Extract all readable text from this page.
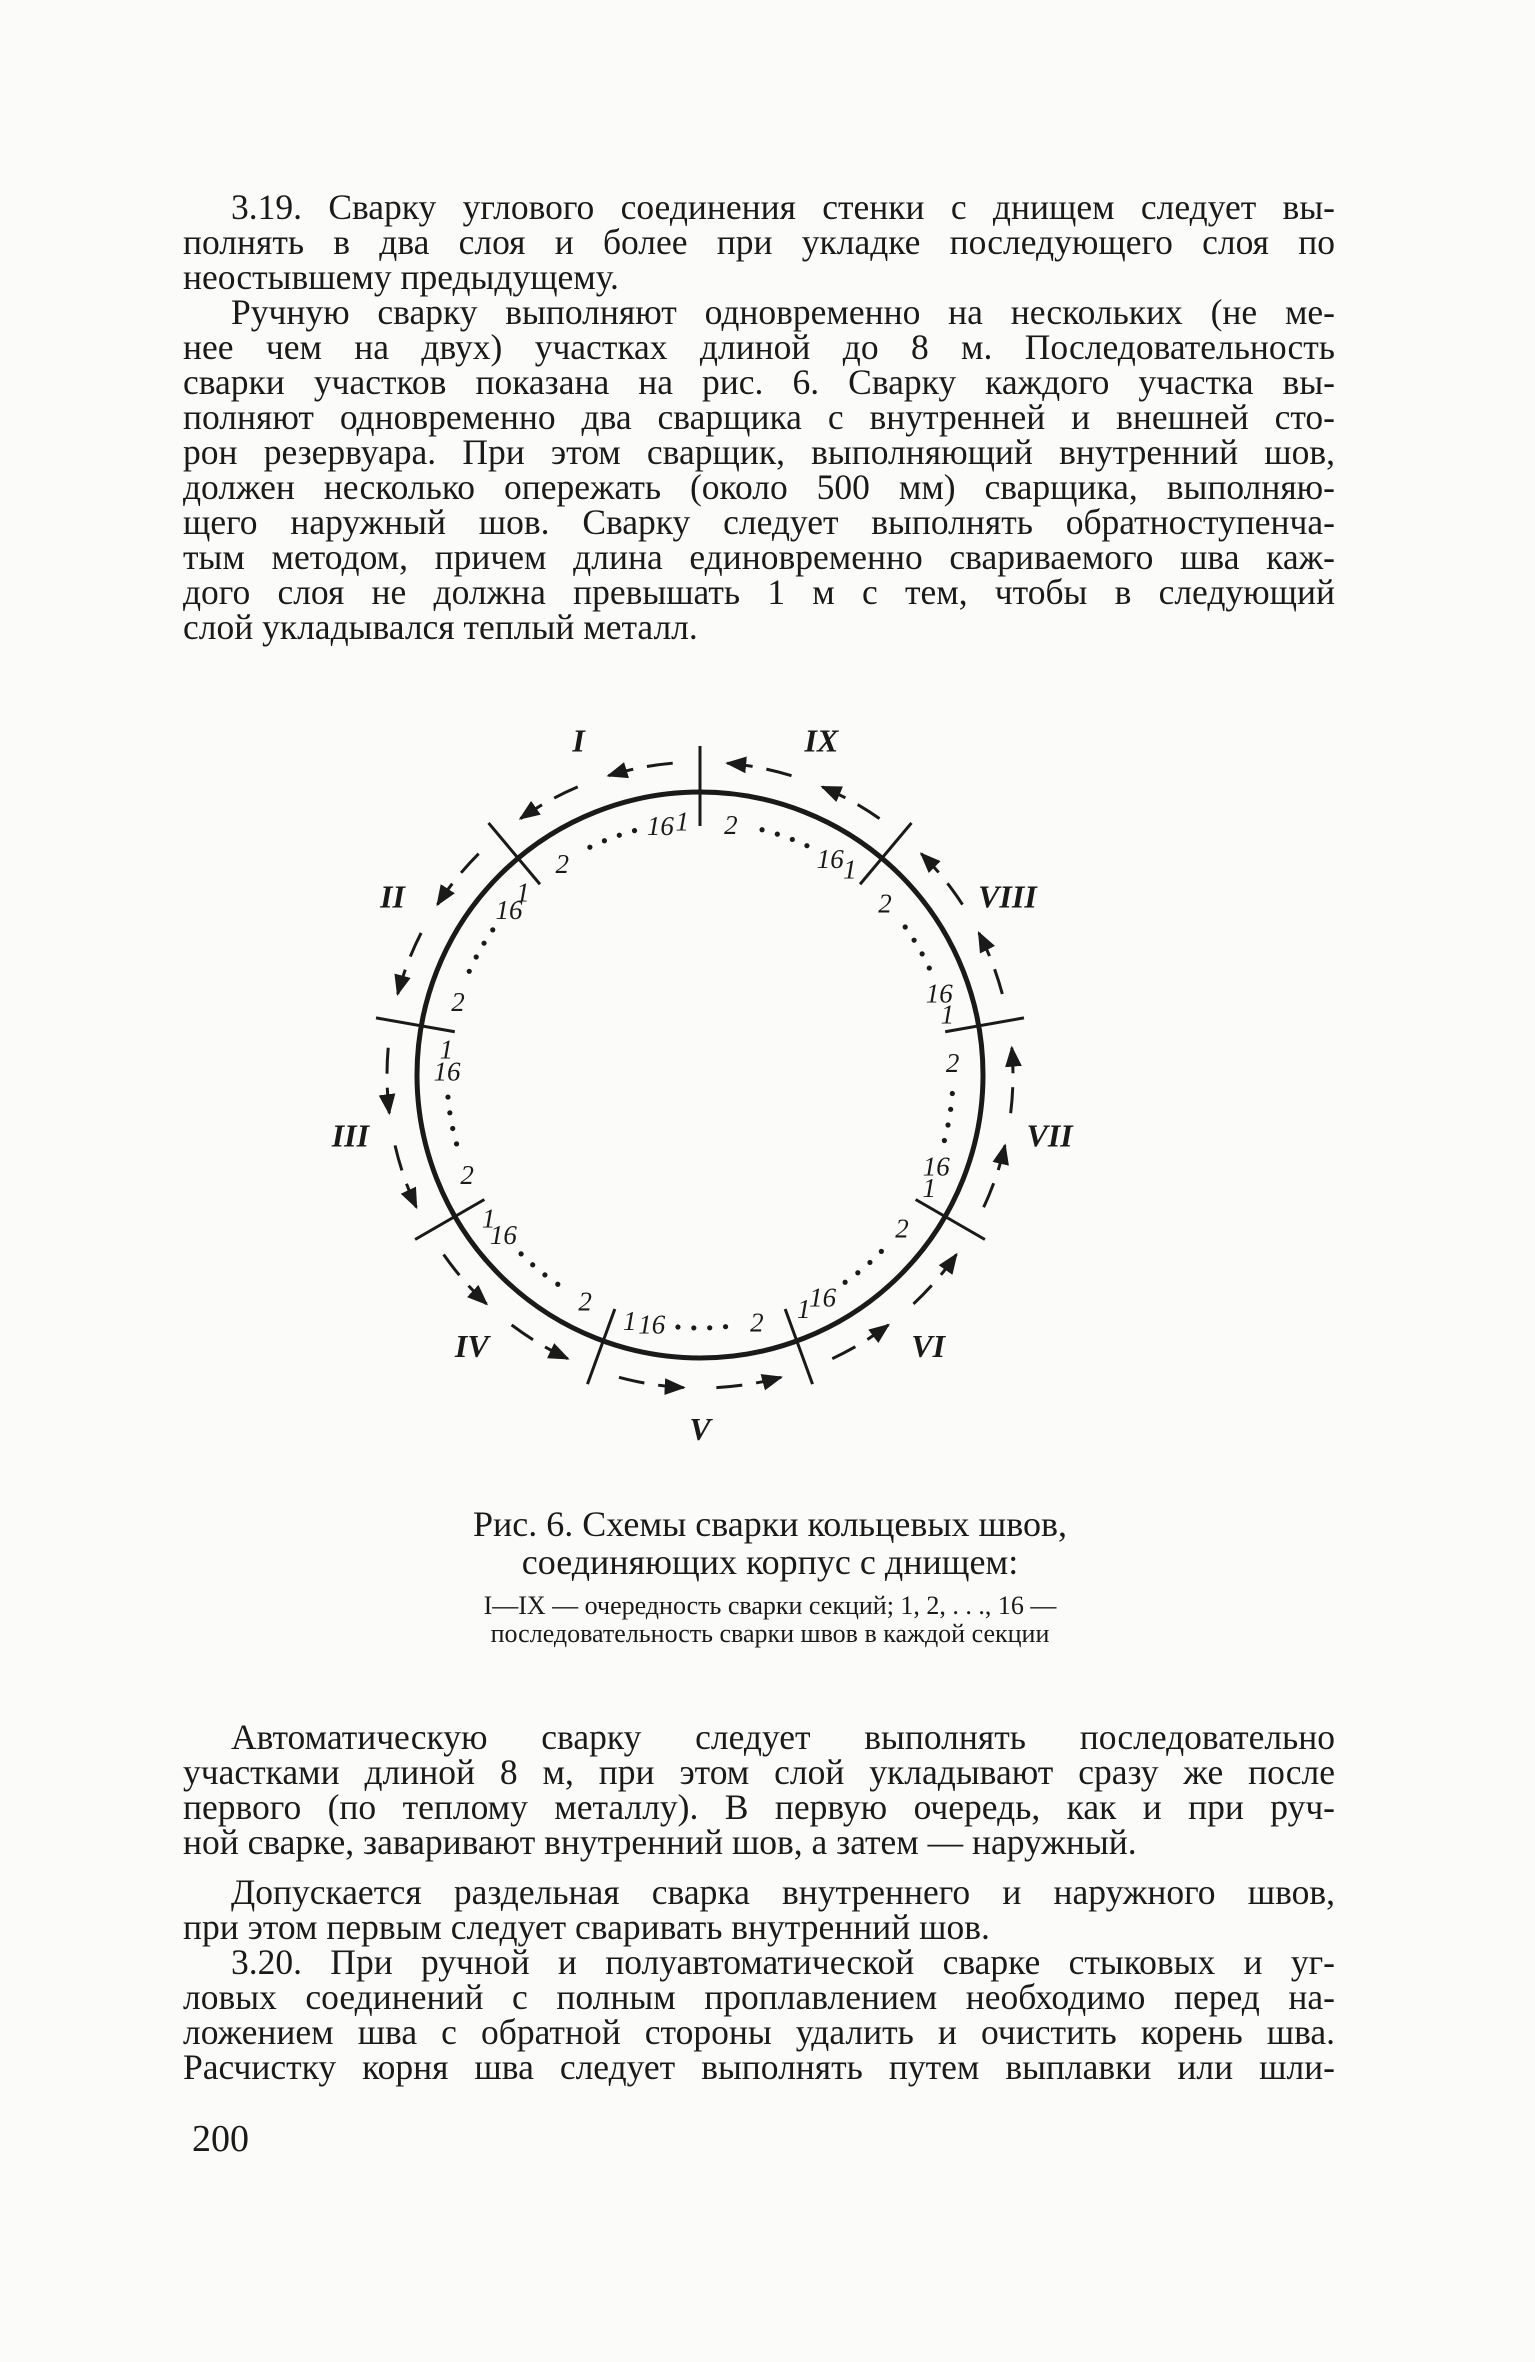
3.19. Сварку углового соединения стенки с днищем следует вы-
полнять в два слоя и более при укладке последующего слоя по
неостывшему предыдущему.
Ручную сварку выполняют одновременно на нескольких (не ме-
нее чем на двух) участках длиной до 8 м. Последовательность
сварки участков показана на рис. 6. Сварку каждого участка вы-
полняют одновременно два сварщика с внутренней и внешней сто-
рон резервуара. При этом сварщик, выполняющий внутренний шов,
должен несколько опережать (около 500 мм) сварщика, выполняю-
щего наружный шов. Сварку следует выполнять обратноступенча-
тым методом, причем длина единовременно свариваемого шва каж-
дого слоя не должна превышать 1 м с тем, чтобы в следующий
слой укладывался теплый металл.
1
16
2
1
16
2
1
16
2
1
16
2
1 16	2 1
16
2
1
16
2
1
16
2
1
16
2
I
II
III
IV
V
VI
VII
VIII
IX
Рис. 6. Схемы сварки кольцевых швов,
соединяющих корпус с днищем:
I—IX — очередность сварки секций; 1, 2, . . ., 16 —
последовательность сварки швов в каждой секции
Автоматическую сварку следует выполнять последовательно
участками длиной 8 м, при этом слой укладывают сразу же после
первого (по теплому металлу). В первую очередь, как и при руч-
ной сварке, заваривают внутренний шов, а затем — наружный.
Допускается раздельная сварка внутреннего и наружного швов,
при этом первым следует сваривать внутренний шов.
3.20. При ручной и полуавтоматической сварке стыковых и уг-
ловых соединений с полным проплавлением необходимо перед на-
ложением шва с обратной стороны удалить и очистить корень шва.
Расчистку корня шва следует выполнять путем выплавки или шли-
200
